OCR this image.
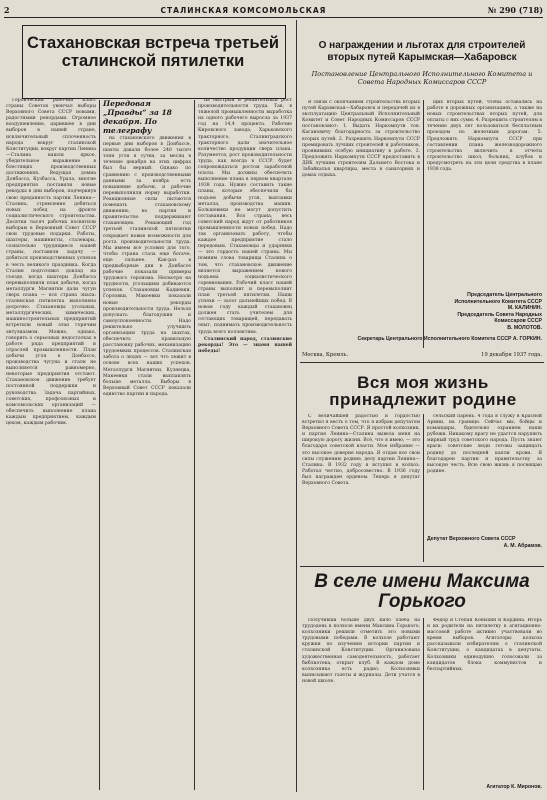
2	СТАЛИНСКАЯ КОМСОМОЛЬСКАЯ	№ 290 (718)
Стахановская встреча третьей сталинской пятилетки

Героический рабочий класс страны Советов увенчал выборы Верховного Совета СССР новыми, радостными рекордами. Огромное воодушевление, царившее в дни выборов в нашей стране, исключительный сплоченность народа вокруг сталинской Конституции, вокруг партии Ленина—Сталина нашли яркое, убедительное выражение в блестящих производственных достижениях. Ведущая домна Донбасса, Кузбасса, Урала, многие предприятия поставили новые рекорды в дни выборов, подчеркнув свою преданность партии Ленина—Сталина, стремление добиться новых побед на фронте социалистического строительства. Десятки тысяч рабочих посвятили выборам в Верховный Совет СССР свои трудовые подарки. Работы, шахтеры, машинисты, сталевары, сознательно трудящиеся нашей страны, поставили задачу — добиться производственных успехов в честь великого праздника. Когда Сталин подготовил доклад на съезде, когда шахтеры Донбасса перевыполнили план добычи, когда металлурги Магнитки дали чугун сверх плана — вся страна знала: сталинская пятилетка выполнена досрочно. Стахановцы угольных, металлургических, химических, машиностроительных предприятий встретили новый этап горячим энтузиазмом. Можно, однако, говорить о серьезных недостатках в работе ряда предприятий и отраслей промышленности. План добычи угля в Донбассе, производства чугуна и стали не выполняется равномерно, некоторые предприятия отстают. Стахановское движение требует постоянной поддержки и руководства. Задача партийных, советских, профсоюзных и комсомольских организаций — обеспечить выполнение плана каждым предприятием, каждым цехом, каждым рабочим.

Передовая „Правды“ за 18 декабря. По телеграфу

на стахановского движения в первые дни выборов в Донбассе, шахты давали более 240 тысяч тонн угля в сутки, за месяц в течение декабря на этих цифрах был бы верный. Однако по сравнению с производственными данными за ноябрь есть повышение добычи, и рабочие перевыполнили норму выработки. Реакционные силы пытаются помешать стахановскому движению, но партия и правительство поддерживают стахановцев. Решающий год третьей сталинской пятилетки открывает новые возможности для роста производительности труда. Мы имеем все условия для того, чтобы страна стала еще богаче, еще сильнее. Как-раз в предвыборные дни в Донбассе рабочие показали примеры трудового героизма. Несмотря на трудности, угольщики добиваются успехов. Стахановцы Кадиевки, Горловки, Макеевки показали новые рекорды производительности труда. Нельзя допускать благодушия и самоуспокоенности. Надо решительно улучшить организацию труда на шахтах, обеспечить правильную расстановку рабочих, механизацию трудоемких процессов. Сталинская забота о людях — вот что лежит в основе всех наших успехов. Металлурги Магнитки, Кузнецка, Макеевки стали выплавлять больше металла. Выборы в Верховный Совет СССР показали единство партии и народа.

на быстрый и решительный рост производительности труда. Так, в тяжелой промышленности выработка на одного рабочего выросла за 1937 год на 14,4 процента. Рабочие Кировского завода, Харьковского тракторного, Сталинградского тракторного дали значительное количество продукции сверх плана. Разумеется, рост производительности труда, как всегда в СССР, будет сопровождаться ростом заработной платы. Мы должны обеспечить выполнение плана в первом квартале 1938 года. Нужно составить такие планы, которые обеспечили бы подъем добычи угля, выплавки металла, производства машин. Большевики не могут допустить отставания. Вся страна, весь советский народ ждут от работников промышленности новых побед. Надо так организовать работу, чтобы каждое предприятие стало передовым. Стахановцы и ударники — это гордость нашей страны. Мы помним слова товарища Сталина о том, что стахановское движение является выражением нового подъема социалистического соревнования. Рабочий класс нашей страны выполнит и перевыполнит план третьей пятилетки. Наши успехи — залог дальнейших побед. В новом году каждый стахановец должен стать учителем для отстающих товарищей, передавать опыт, поднимать производительность труда всего коллектива.

Сталинский народ, сталинские рекорды! Это — знамя нашей победы!

О награждении и льготах для строителей вторых путей Карымская—Хабаровск
Постановление Центрального Исполнительного Комитета и Совета Народных Комиссаров СССР

В связи с окончанием строительства вторых путей Карымская—Хабаровск и передачей их в эксплуатацию Центральный Исполнительный Комитет и Совет Народных Комиссаров СССР постановляют: 1. Выдать Наркомпути тов. Кагановичу благодарность за строительство вторых путей. 2. Разрешить Наркомпути СССР премировать лучших строителей и работников, проявивших особую инициативу в работе. 3. Предложить Наркомпути СССР предоставить в ДВК лучшим строителям Дальнего Востока и Забайкалья квартиры, места в санаториях и домах отдыха.

щих вторых путей, чтобы оставались на работе в дорожных организациях, а также на новых строительствах вторых путей, для оплаты с них сумм. 4. Разрешить строителям в течение двух лет пользоваться бесплатным проездом по железным дорогам. 5. Предложить Наркомпути СССР при составлении плана железнодорожного строительства включить в отчеты строительство школ, больниц, клубов и предусмотреть на эти цели средства в плане 1938 года.

Председатель Центрального Исполнительного Комитета СССР
М. КАЛИНИН.
Председатель Совета Народных Комиссаров СССР
В. МОЛОТОВ.
Секретарь Центрального Исполнительного Комитета СССР А. ГОРКИН.
Москва, Кремль.	19 декабря 1937 года.
Вся моя жизнь принадлежит родине

С величайшей радостью и гордостью встретил я весть о том, что я избран депутатом Верховного Совета СССР. Я простой колхозник, и партия Ленина—Сталина вывела меня на широкую дорогу жизни. Всё, что я имею, — это благодаря советской власти. Мое избрание — это высокое доверие народа. Я отдам все свои силы служению родине, делу партии Ленина—Сталина. В 1932 году я вступил в колхоз. Работал честно, добросовестно. В 1936 году был награжден орденом. Теперь я депутат Верховного Совета.

сельский парень. 4 года я служу в Красной Армии, на границе. Сейчас мы, бойцы и командиры, бдительно охраняем наши рубежи. Никакому врагу не удастся нарушить мирный труд советского народа. Пусть знают враги: советские люди готовы защищать родину до последней капли крови. Я благодарен партии и правительству за высокую честь. Всю свою жизнь я посвящаю родине.

Депутат Верховного Совета СССР
А. М. Абрамов.
В селе имени Максима Горького

Получивши больше двух кило хлеба на трудодень в колхозе имени Максима Горького, колхозники решили отметить это новыми трудовыми победами. В колхозе работают кружки по изучению истории партии и сталинской Конституции. Организована художественная самодеятельность, работает библиотека, открыт клуб. В каждом доме колхозника есть радио. Колхозники выписывают газеты и журналы. Дети учатся в новой школе.

Федор и Степан Коныхин и Кордина. Игорь и их родители на пятилетку в агитационно-массовой работе активно участвовали во время выборов. Агитаторы колхоза рассказывали избирателям о сталинской Конституции, о кандидатах в депутаты. Колхозники единодушно голосовали за кандидатов блока коммунистов и беспартийных.

Агитатор К. Миронов.
